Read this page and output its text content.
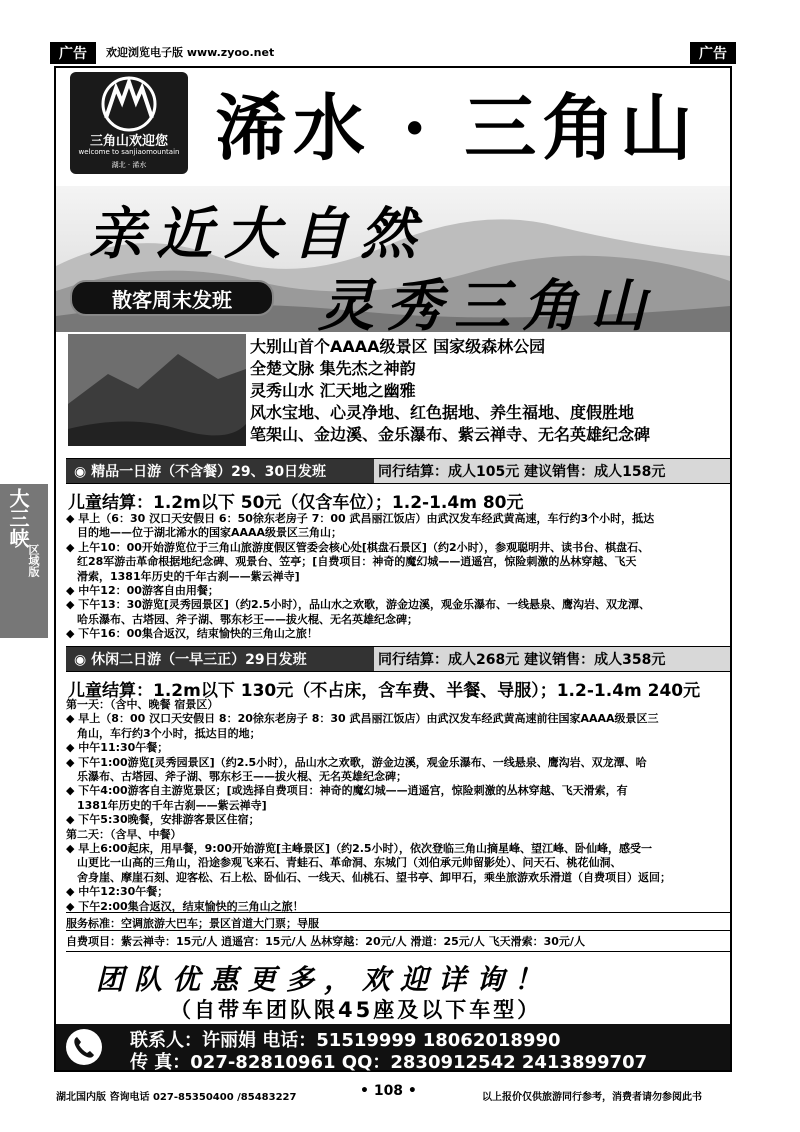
广告	欢迎浏览电子版 www.zyoo.net	广告
三角山欢迎您
welcome to sanjiaomountain
湖北 · 浠水 浠水 · 三角山
亲近大自然
灵秀三角山
散客周末发班
大别山首个AAAA级景区 国家级森林公园
全楚文脉 集先杰之神韵
灵秀山水 汇天地之幽雅
风水宝地、心灵净地、红色据地、养生福地、度假胜地
笔架山、金边溪、金乐瀑布、紫云禅寺、无名英雄纪念碑
大三峡
区域版
◉ 精品一日游（不含餐）29、30日发班	同行结算：成人105元 建议销售：成人158元
儿童结算：1.2m以下 50元（仅含车位）；1.2-1.4m 80元
◆ 早上（6：30 汉口天安假日 6：50徐东老房子 7：00 武昌丽江饭店）由武汉发车经武黄高速，车行约3个小时，抵达
　目的地——位于湖北浠水的国家AAAA级景区三角山；
◆ 上午10：00开始游览位于三角山旅游度假区管委会核心处[棋盘石景区]（约2小时），参观聪明井、读书台、棋盘石、
　红28军游击革命根据地纪念碑、观景台、笠亭；[自费项目：神奇的魔幻城——逍遥宫，惊险刺激的丛林穿越、飞天
　滑索，1381年历史的千年古刹——紫云禅寺]
◆ 中午12：00游客自由用餐；
◆ 下午13：30游览[灵秀园景区]（约2.5小时），品山水之欢歌，游金边溪，观金乐瀑布、一线悬泉、鹰沟岩、双龙潭、
　哈乐瀑布、古塔园、斧子湖、鄂东杉王——拔火棍、无名英雄纪念碑；
◆ 下午16：00集合返汉，结束愉快的三角山之旅！
◉ 休闲二日游（一早三正）29日发班	同行结算：成人268元 建议销售：成人358元
儿童结算：1.2m以下 130元（不占床，含车费、半餐、导服）；1.2-1.4m 240元
第一天：（含中、晚餐 宿景区）
◆ 早上（8：00 汉口天安假日 8：20徐东老房子 8：30 武昌丽江饭店）由武汉发车经武黄高速前往国家AAAA级景区三
　角山，车行约3个小时，抵达目的地；
◆ 中午11:30午餐；
◆ 下午1:00游览[灵秀园景区]（约2.5小时），品山水之欢歌，游金边溪，观金乐瀑布、一线悬泉、鹰沟岩、双龙潭、哈
　乐瀑布、古塔园、斧子湖、鄂东杉王——拔火棍、无名英雄纪念碑；
◆ 下午4:00游客自主游览景区；[或选择自费项目：神奇的魔幻城——逍遥宫，惊险刺激的丛林穿越、飞天滑索，有
　1381年历史的千年古刹——紫云禅寺]
◆ 下午5:30晚餐，安排游客景区住宿；
第二天：（含早、中餐）
◆ 早上6:00起床，用早餐，9:00开始游览[主峰景区]（约2.5小时），依次登临三角山摘星峰、望江峰、卧仙峰，感受一
　山更比一山高的三角山，沿途参观飞来石、青蛙石、革命洞、东城门（刘伯承元帅留影处）、问天石、桃花仙洞、
　舍身崖、摩崖石刻、迎客松、石上松、卧仙石、一线天、仙桃石、望书亭、卸甲石，乘坐旅游欢乐滑道（自费项目）返回；
◆ 中午12:30午餐；
◆ 下午2:00集合返汉，结束愉快的三角山之旅！
服务标准：空调旅游大巴车；景区首道大门票；导服
自费项目：紫云禅寺：15元/人 逍遥宫：15元/人 丛林穿越：20元/人 滑道：25元/人 飞天滑索：30元/人
团队优惠更多，欢迎详询！
（自带车团队限45座及以下车型）
联系人：许丽娟 电话：51519999 18062018990
传 真：027-82810961 QQ：2830912542 2413899707
湖北国内版 咨询电话 027-85350400 /85483227	• 108 •	以上报价仅供旅游同行参考，消费者请勿参阅此书
